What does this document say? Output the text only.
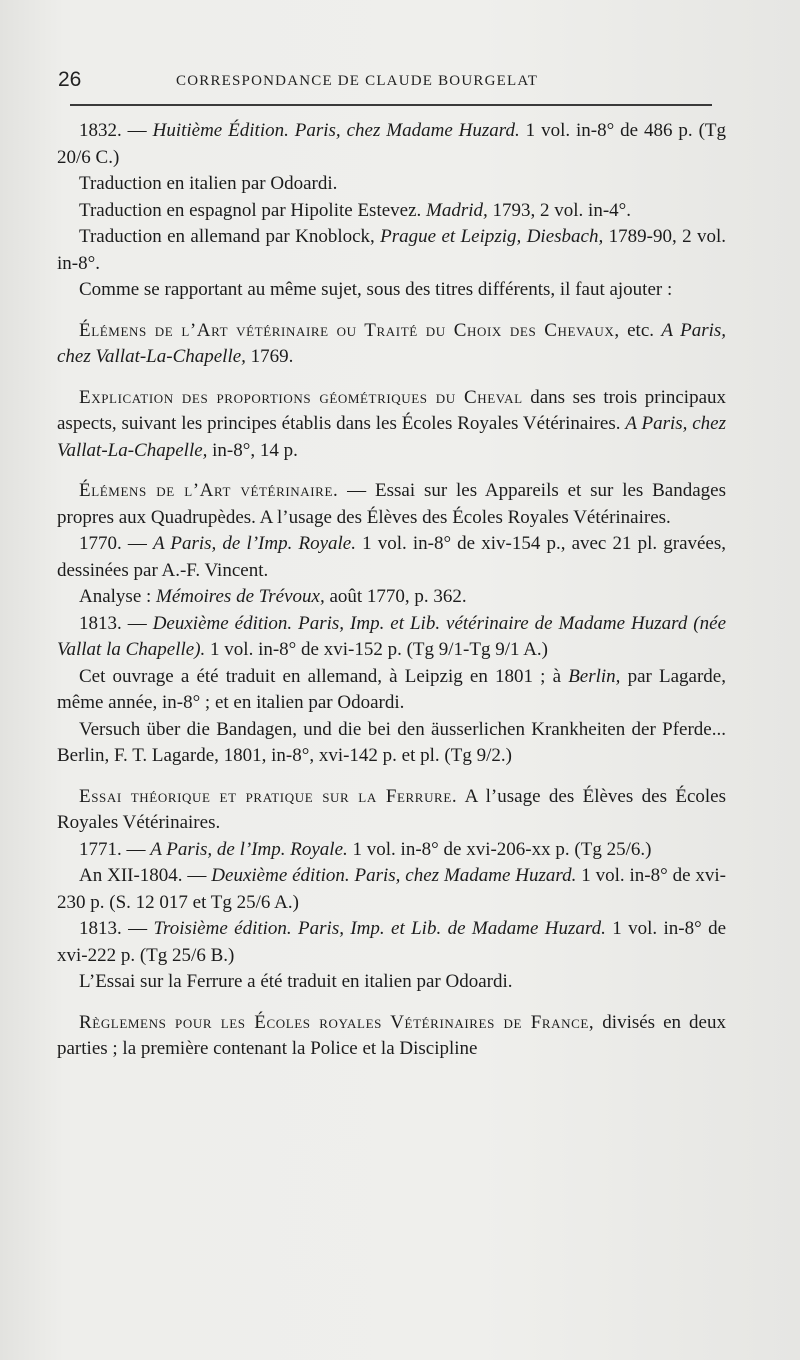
26	CORRESPONDANCE DE CLAUDE BOURGELAT

1832. — Huitième Édition. Paris, chez Madame Huzard. 1 vol. in-8° de 486 p. (Tg 20/6 C.)

Traduction en italien par Odoardi.

Traduction en espagnol par Hipolite Estevez. Madrid, 1793, 2 vol. in-4°.

Traduction en allemand par Knoblock, Prague et Leipzig, Diesbach, 1789-90, 2 vol. in-8°.

Comme se rapportant au même sujet, sous des titres différents, il faut ajouter :

Élémens de l’Art vétérinaire ou Traité du Choix des Chevaux, etc. A Paris, chez Vallat-La-Chapelle, 1769.

Explication des proportions géométriques du Cheval dans ses trois principaux aspects, suivant les principes établis dans les Écoles Royales Vétérinaires. A Paris, chez Vallat-La-Chapelle, in-8°, 14 p.

Élémens de l’Art vétérinaire. — Essai sur les Appareils et sur les Bandages propres aux Quadrupèdes. A l’usage des Élèves des Écoles Royales Vétérinaires.

1770. — A Paris, de l’Imp. Royale. 1 vol. in-8° de xiv-154 p., avec 21 pl. gravées, dessinées par A.-F. Vincent.

Analyse : Mémoires de Trévoux, août 1770, p. 362.

1813. — Deuxième édition. Paris, Imp. et Lib. vétérinaire de Madame Huzard (née Vallat la Chapelle). 1 vol. in-8° de xvi-152 p. (Tg 9/1-Tg 9/1 A.)

Cet ouvrage a été traduit en allemand, à Leipzig en 1801 ; à Berlin, par Lagarde, même année, in-8° ; et en italien par Odoardi.

Versuch über die Bandagen, und die bei den äusserlichen Krankheiten der Pferde... Berlin, F. T. Lagarde, 1801, in-8°, xvi-142 p. et pl. (Tg 9/2.)

Essai théorique et pratique sur la Ferrure. A l’usage des Élèves des Écoles Royales Vétérinaires.

1771. — A Paris, de l’Imp. Royale. 1 vol. in-8° de xvi-206-xx p. (Tg 25/6.)

An XII-1804. — Deuxième édition. Paris, chez Madame Huzard. 1 vol. in-8° de xvi-230 p. (S. 12 017 et Tg 25/6 A.)

1813. — Troisième édition. Paris, Imp. et Lib. de Madame Huzard. 1 vol. in-8° de xvi-222 p. (Tg 25/6 B.)

L’Essai sur la Ferrure a été traduit en italien par Odoardi.

Règlemens pour les Écoles royales Vétérinaires de France, divisés en deux parties ; la première contenant la Police et la Discipline
